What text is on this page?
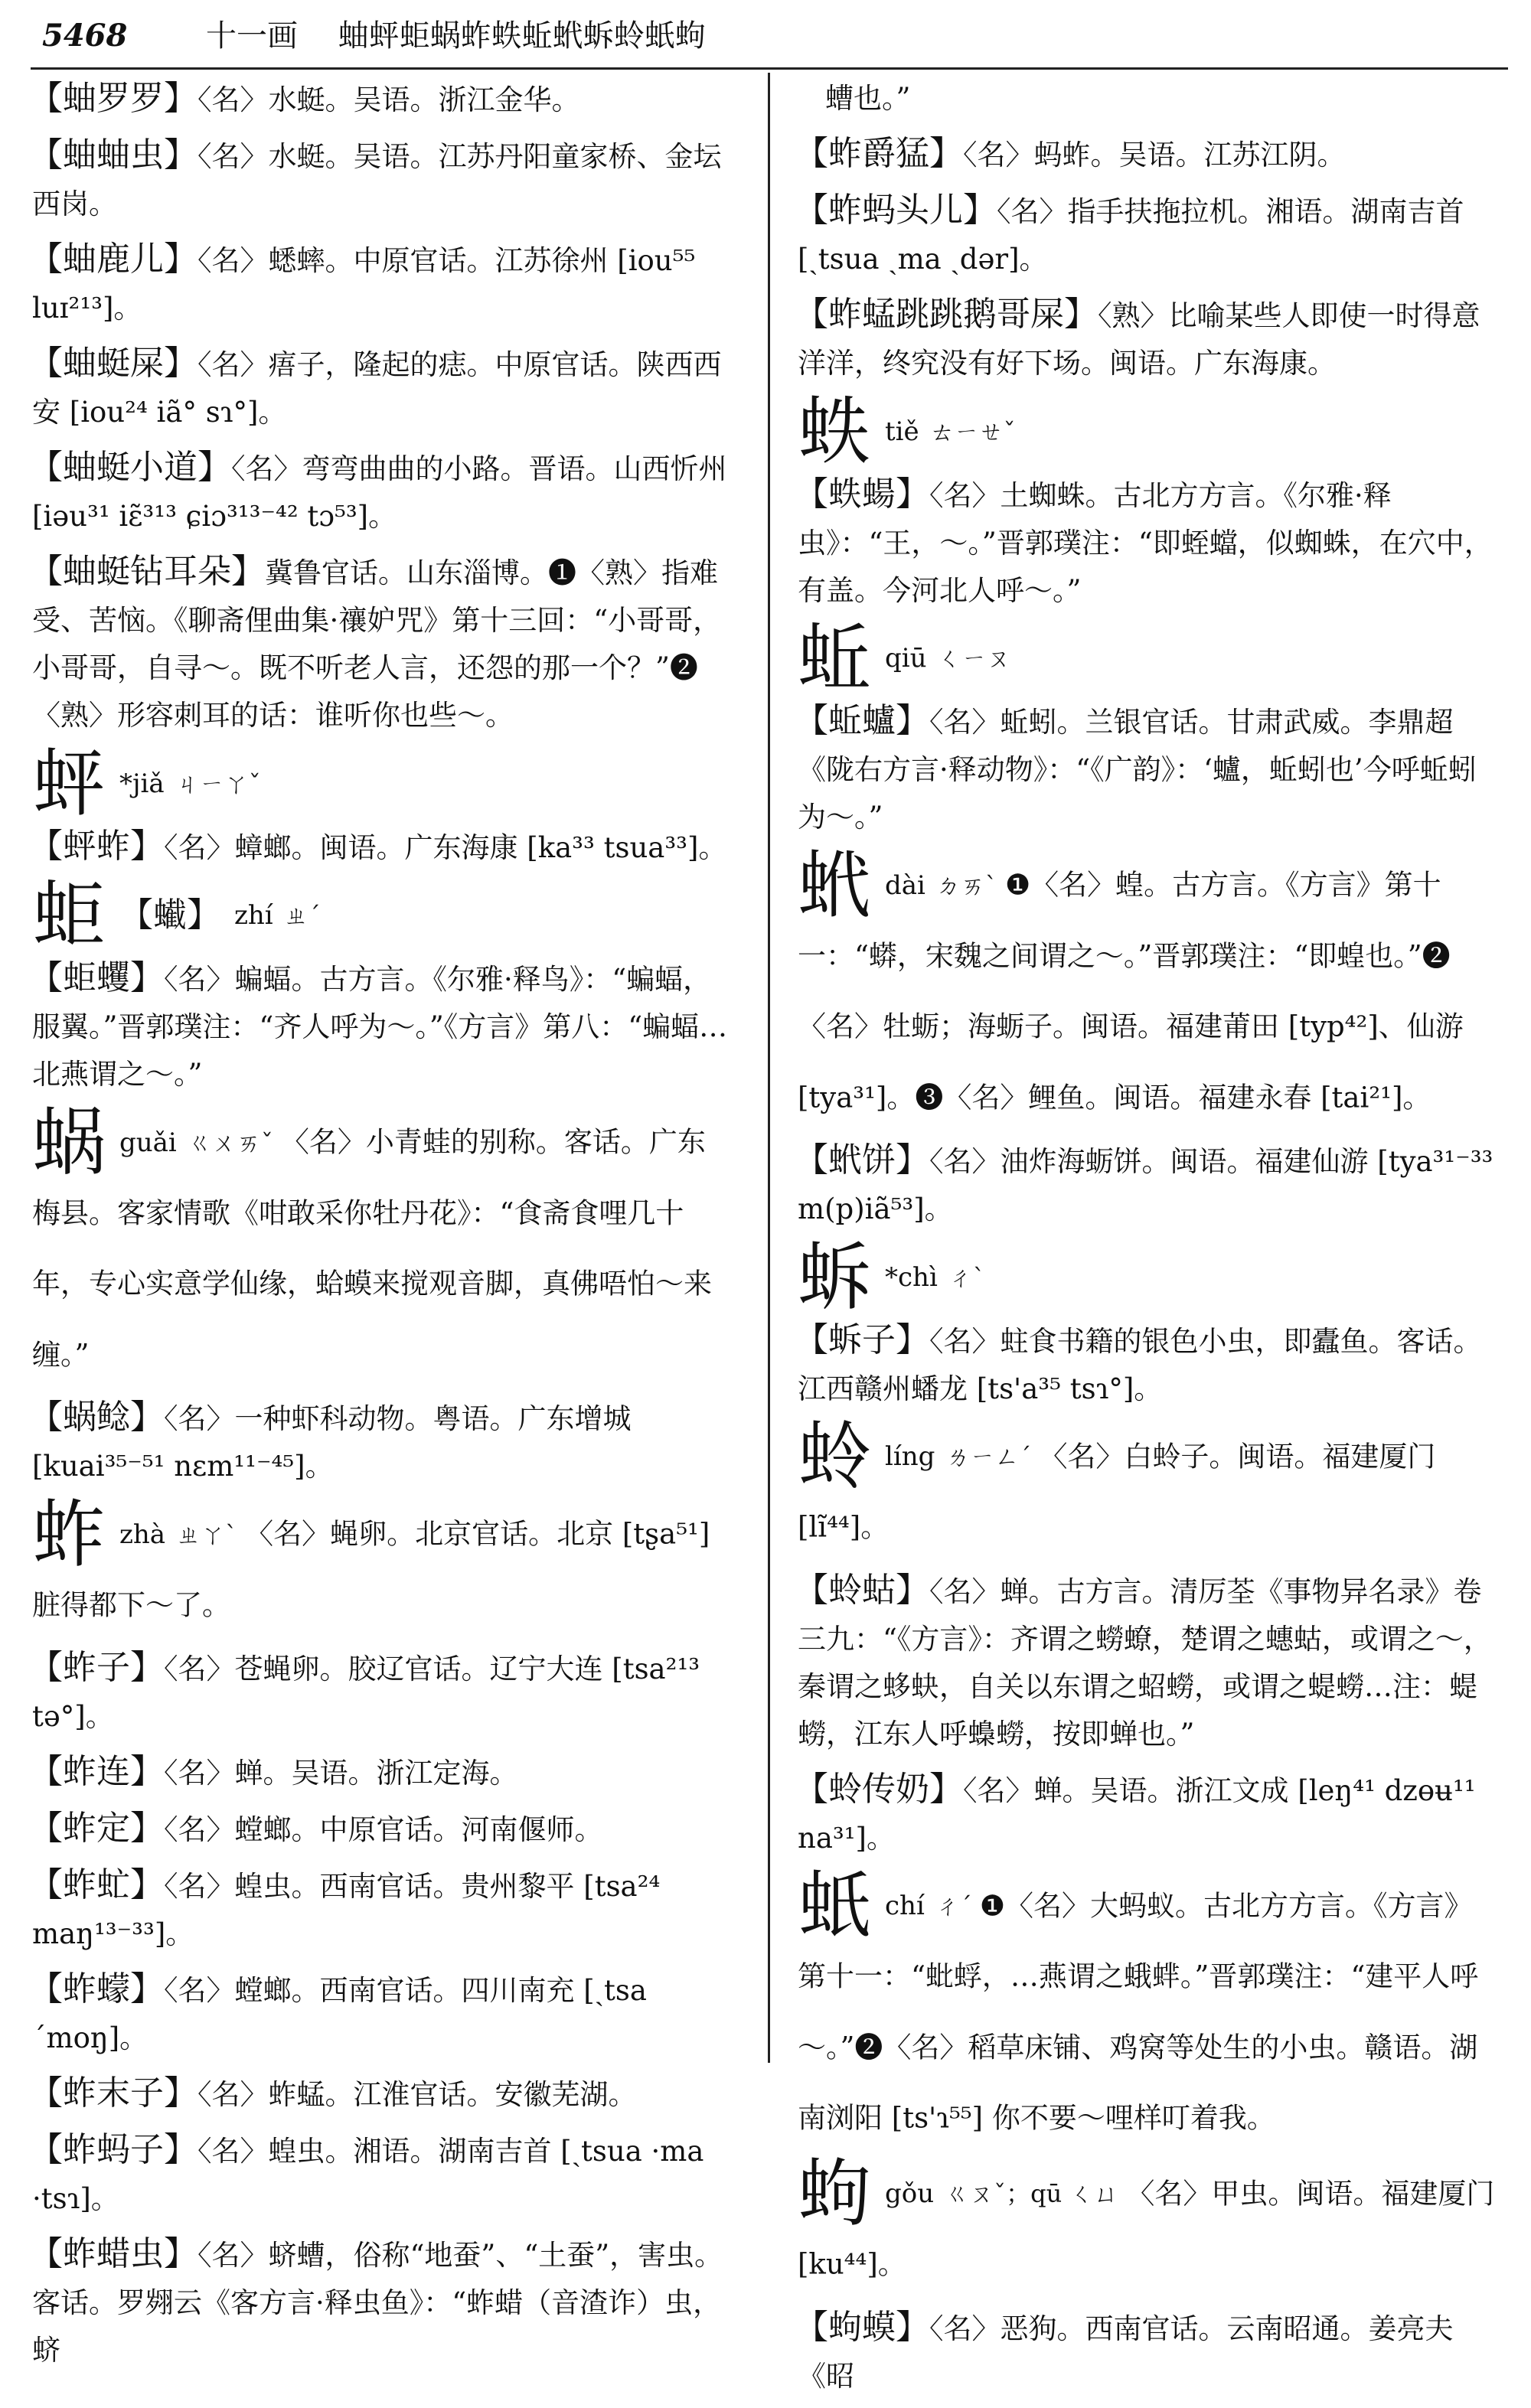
5468	十一画 蚰蚲蚷蜗蚱蛈蚯蚮蚸蛉蚔蚼
【蚰罗罗】〈名〉水蜓。吴语。浙江金华。
【蚰蚰虫】〈名〉水蜓。吴语。江苏丹阳童家桥、金坛西岗。
【蚰鹿儿】〈名〉蟋蟀。中原官话。江苏徐州 [iou⁵⁵ luɪ²¹³]。
【蚰蜓屎】〈名〉痦子，隆起的痣。中原官话。陕西西安 [iou²⁴ iã° sɿ°]。
【蚰蜓小道】〈名〉弯弯曲曲的小路。晋语。山西忻州 [iəu³¹ iɛ̃³¹³ ɕiɔ³¹³⁻⁴² tɔ⁵³]。
【蚰蜓钻耳朵】冀鲁官话。山东淄博。❶〈熟〉指难受、苦恼。《聊斋俚曲集·禳妒咒》第十三回：“小哥哥，小哥哥，自寻～。既不听老人言，还怨的那一个？”❷〈熟〉形容刺耳的话：谁听你也些～。
蚲 *jiǎ ㄐㄧㄚˇ
【蚲蚱】〈名〉蟑螂。闽语。广东海康 [ka³³ tsua³³]。
蚷 【蠘】 zhí ㄓˊ
【蚷蠼】〈名〉蝙蝠。古方言。《尔雅·释鸟》：“蝙蝠，服翼。”晋郭璞注：“齐人呼为～。”《方言》第八：“蝙蝠…北燕谓之～。”
蜗guǎi ㄍㄨㄞˇ 〈名〉小青蛙的别称。客话。广东梅县。客家情歌《咁敢采你牡丹花》：“食斋食哩几十年，专心实意学仙缘，蛤蟆来搅观音脚，真佛唔怕～来缠。”
【蜗鲶】〈名〉一种虾科动物。粤语。广东增城 [kuai³⁵⁻⁵¹ nɛm¹¹⁻⁴⁵]。
蚱zhà ㄓㄚˋ 〈名〉蝇卵。北京官话。北京 [tʂa⁵¹] 脏得都下～了。
【蚱子】〈名〉苍蝇卵。胶辽官话。辽宁大连 [tsa²¹³ tə°]。
【蚱连】〈名〉蝉。吴语。浙江定海。
【蚱定】〈名〉螳螂。中原官话。河南偃师。
【蚱虻】〈名〉蝗虫。西南官话。贵州黎平 [tsa²⁴ maŋ¹³⁻³³]。
【蚱蠓】〈名〉螳螂。西南官话。四川南充 [ˏtsa ˊmoŋ]。
【蚱末子】〈名〉蚱蜢。江淮官话。安徽芜湖。
【蚱蚂子】〈名〉蝗虫。湘语。湖南吉首 [ˏtsua ·ma ·tsɿ]。
【蚱蜡虫】〈名〉蛴螬，俗称“地蚕”、“土蚕”，害虫。客话。罗翙云《客方言·释虫鱼》：“蚱蜡（音渣诈）虫，蛴
螬也。”
【蚱爵猛】〈名〉蚂蚱。吴语。江苏江阴。
【蚱蚂头儿】〈名〉指手扶拖拉机。湘语。湖南吉首 [ˏtsua ˏma ˏdər]。
【蚱蜢跳跳鹅哥屎】〈熟〉比喻某些人即使一时得意洋洋，终究没有好下场。闽语。广东海康。
蛈tiě ㄊㄧㄝˇ
【蛈蝪】〈名〉土蜘蛛。古北方方言。《尔雅·释虫》：“王，～。”晋郭璞注：“即蛭蟷，似蜘蛛，在穴中，有盖。今河北人呼～。”
蚯qiū ㄑㄧㄡ
【蚯蠦】〈名〉蚯蚓。兰银官话。甘肃武威。李鼎超《陇右方言·释动物》：“《广韵》：‘蠦，蚯蚓也’今呼蚯蚓为～。”
蚮dài ㄉㄞˋ ❶〈名〉蝗。古方言。《方言》第十一：“蟒，宋魏之间谓之～。”晋郭璞注：“即蝗也。”❷〈名〉牡蛎；海蛎子。闽语。福建莆田 [typ⁴²]、仙游 [tya³¹]。❸〈名〉鲤鱼。闽语。福建永春 [tai²¹]。
【蚮饼】〈名〉油炸海蛎饼。闽语。福建仙游 [tya³¹⁻³³ m(p)iã⁵³]。
蚸 *chì ㄔˋ
【蚸子】〈名〉蛀食书籍的银色小虫，即蠹鱼。客话。江西赣州蟠龙 [ts'a³⁵ tsɿ°]。
蛉líng ㄌㄧㄥˊ 〈名〉白蛉子。闽语。福建厦门 [lĩ⁴⁴]。
【蛉蛄】〈名〉蝉。古方言。清厉荃《事物异名录》卷三九：“《方言》：齐谓之蟧蟟，楚谓之蟪蛄，或谓之～，秦谓之蛥蚗，自关以东谓之蛁蟧，或谓之蝭蟧…注：蝭蟧，江东人呼蟂蟧，按即蝉也。”
【蛉传奶】〈名〉蝉。吴语。浙江文成 [leŋ⁴¹ dzɵʉ¹¹ na³¹]。
蚔chí ㄔˊ ❶〈名〉大蚂蚁。古北方方言。《方言》第十一：“蚍蜉，…燕谓之蛾蝆。”晋郭璞注：“建平人呼～。”❷〈名〉稻草床铺、鸡窝等处生的小虫。赣语。湖南浏阳 [ts'ɿ⁵⁵] 你不要～哩样叮着我。
蚼gǒu ㄍㄡˇ；qū ㄑㄩ 〈名〉甲虫。闽语。福建厦门 [ku⁴⁴]。
【蚼蟆】〈名〉恶狗。西南官话。云南昭通。姜亮夫《昭
